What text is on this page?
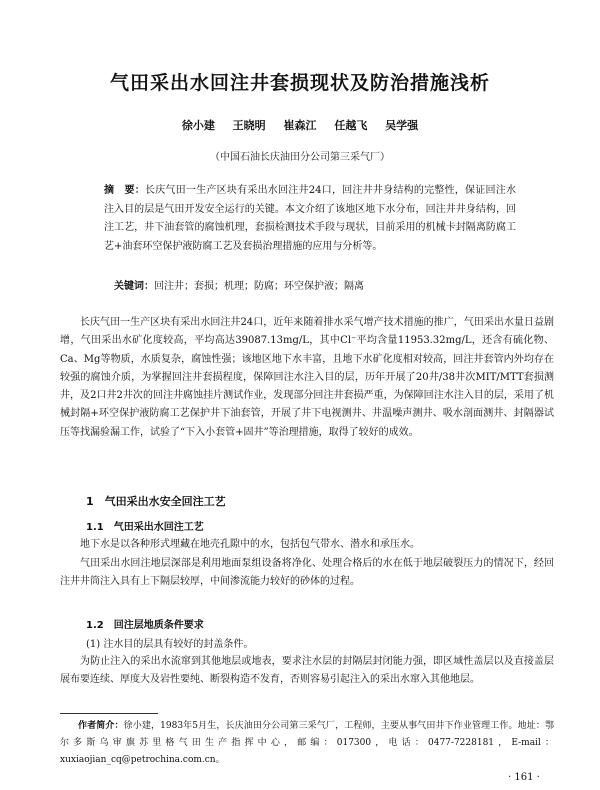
气田采出水回注井套损现状及防治措施浅析
徐小建 王晓明 崔森江 任越飞 吴学强
（中国石油长庆油田分公司第三采气厂）
摘　要：长庆气田一生产区块有采出水回注井24口，回注井井身结构的完整性，保证回注水注入目的层是气田开发安全运行的关键。本文介绍了该地区地下水分布，回注井井身结构，回注工艺，井下油套管的腐蚀机理，套损检测技术手段与现状，目前采用的机械卡封隔离防腐工艺+油套环空保护液防腐工艺及套损治理措施的应用与分析等。
关键词：回注井；套损；机理；防腐；环空保护液；隔离
长庆气田一生产区块有采出水回注井24口，近年来随着排水采气增产技术措施的推广，气田采出水量日益剧增，气田采出水矿化度较高，平均高达39087.13mg/L，其中Cl⁻平均含量11953.32mg/L，还含有硫化物、Ca、Mg等物质，水质复杂，腐蚀性强；该地区地下水丰富，且地下水矿化度相对较高，回注井套管内外均存在较强的腐蚀介质，为掌握回注井套损程度，保障回注水注入目的层，历年开展了20井/38井次MIT/MTT套损测井，及2口井2井次的回注井腐蚀挂片测试作业，发现部分回注井套损严重，为保障回注水注入目的层，采用了机械封隔+环空保护液防腐工艺保护井下油套管，开展了井下电视测井、井温噪声测井、吸水剖面测井、封隔器试压等找漏验漏工作，试验了“下入小套管+固井”等治理措施，取得了较好的成效。
1　气田采出水安全回注工艺
1.1　气田采出水回注工艺
地下水是以各种形式埋藏在地壳孔隙中的水，包括包气带水、潜水和承压水。
气田采出水回注地层深部是利用地面泵组设备将净化、处理合格后的水在低于地层破裂压力的情况下，经回注井井筒注入具有上下隔层较厚，中间渗流能力较好的砂体的过程。
1.2　回注层地质条件要求
(1) 注水目的层具有较好的封盖条件。
为防止注入的采出水流窜到其他地层或地表，要求注水层的封隔层封闭能力强，即区域性盖层以及直接盖层展布要连续、厚度大及岩性要纯、断裂构造不发育，否则容易引起注入的采出水窜入其他地层。
作者简介：徐小建，1983年5月生，长庆油田分公司第三采气厂，工程师，主要从事气田井下作业管理工作。地址：鄂尔多斯乌审旗苏里格气田生产指挥中心，邮编：017300，电话：0477-7228181，E-mail：xuxiaojian_cq@petrochina.com.cn。
· 161 ·
